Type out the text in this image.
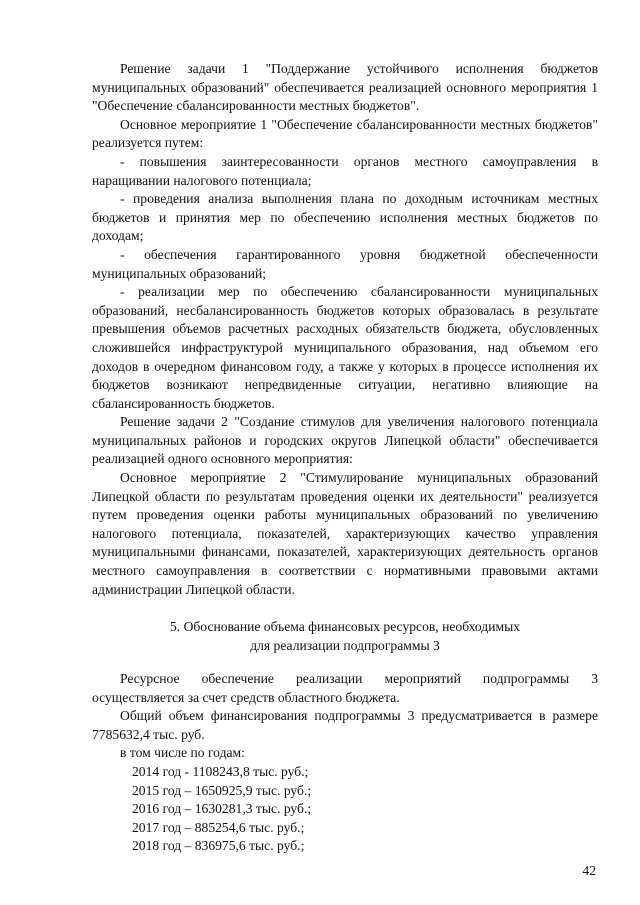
Решение задачи 1 "Поддержание устойчивого исполнения бюджетов муниципальных образований" обеспечивается реализацией основного мероприятия 1 "Обеспечение сбалансированности местных бюджетов".

Основное мероприятие 1 "Обеспечение сбалансированности местных бюджетов" реализуется путем:

- повышения заинтересованности органов местного самоуправления в наращивании налогового потенциала;

- проведения анализа выполнения плана по доходным источникам местных бюджетов и принятия мер по обеспечению исполнения местных бюджетов по доходам;

- обеспечения гарантированного уровня бюджетной обеспеченности муниципальных образований;

- реализации мер по обеспечению сбалансированности муниципальных образований, несбалансированность бюджетов которых образовалась в результате превышения объемов расчетных расходных обязательств бюджета, обусловленных сложившейся инфраструктурой муниципального образования, над объемом его доходов в очередном финансовом году, а также у которых в процессе исполнения их бюджетов возникают непредвиденные ситуации, негативно влияющие на сбалансированность бюджетов.

Решение задачи 2 "Создание стимулов для увеличения налогового потенциала муниципальных районов и городских округов Липецкой области" обеспечивается реализацией одного основного мероприятия:

Основное мероприятие 2 "Стимулирование муниципальных образований Липецкой области по результатам проведения оценки их деятельности" реализуется путем проведения оценки работы муниципальных образований по увеличению налогового потенциала, показателей, характеризующих качество управления муниципальными финансами, показателей, характеризующих деятельность органов местного самоуправления в соответствии с нормативными правовыми актами администрации Липецкой области.

5. Обоснование объема финансовых ресурсов, необходимых
для реализации подпрограммы 3

Ресурсное обеспечение реализации мероприятий подпрограммы 3 осуществляется за счет средств областного бюджета.

Общий объем финансирования подпрограммы 3 предусматривается в размере 7785632,4 тыс. руб.

в том числе по годам:

2014 год - 1108243,8 тыс. руб.;
2015 год – 1650925,9 тыс. руб.;
2016 год – 1630281,3 тыс. руб.;
2017 год – 885254,6 тыс. руб.;
2018 год – 836975,6 тыс. руб.;
42
